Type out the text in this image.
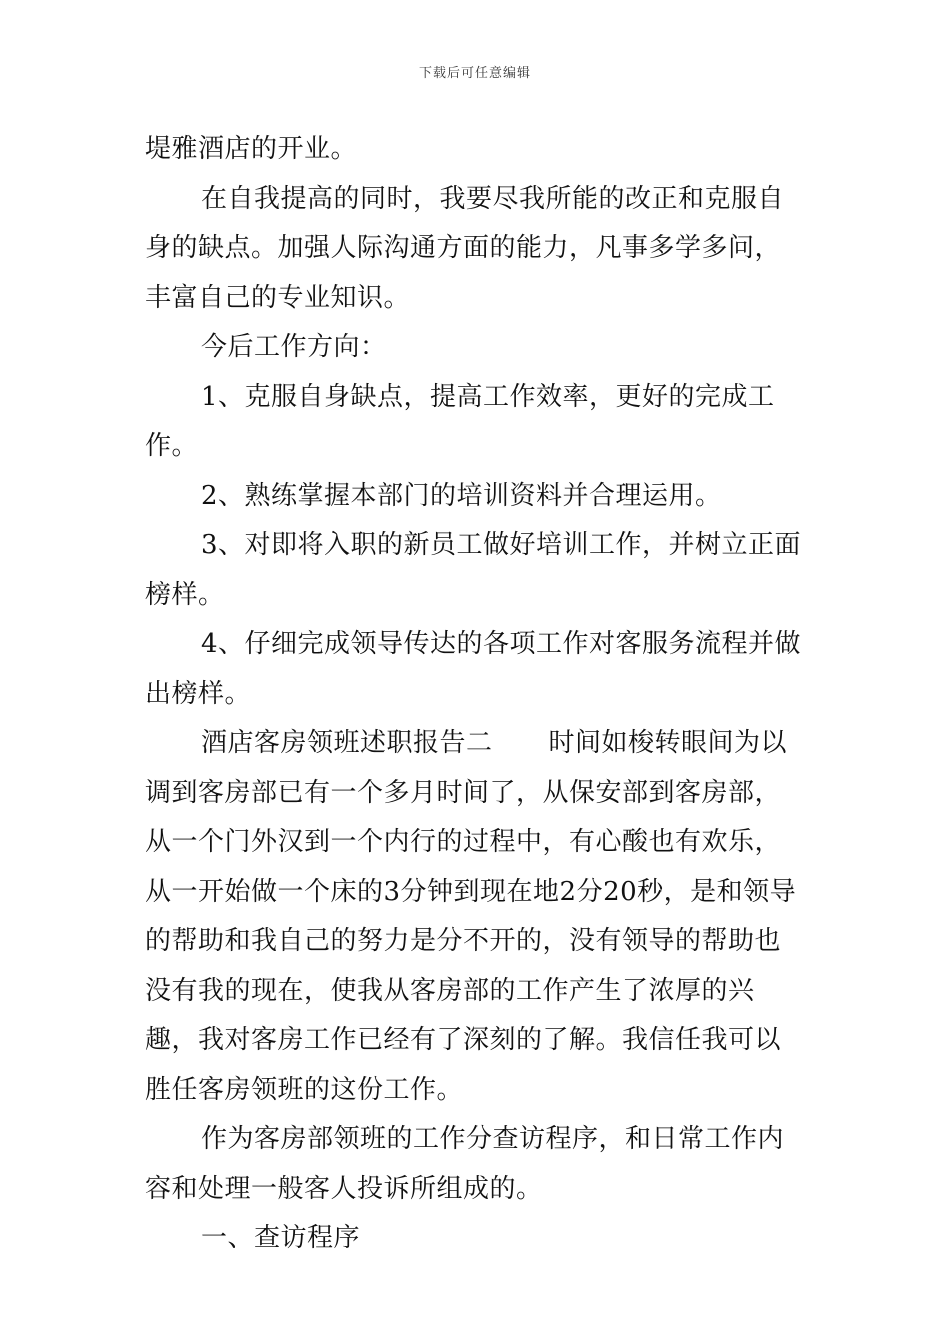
下载后可任意编辑

堤雅酒店的开业。

在自我提高的同时，我要尽我所能的改正和克服自身的缺点。加强人际沟通方面的能力，凡事多学多问，丰富自己的专业知识。

今后工作方向：

1、克服自身缺点，提高工作效率，更好的完成工作。

2、熟练掌握本部门的培训资料并合理运用。

3、对即将入职的新员工做好培训工作，并树立正面榜样。

4、仔细完成领导传达的各项工作对客服务流程并做出榜样。

酒店客房领班述职报告二 时间如梭转眼间为以调到客房部已有一个多月时间了，从保安部到客房部，从一个门外汉到一个内行的过程中，有心酸也有欢乐，从一开始做一个床的3分钟到现在地2分20秒，是和领导的帮助和我自己的努力是分不开的，没有领导的帮助也没有我的现在，使我从客房部的工作产生了浓厚的兴趣，我对客房工作已经有了深刻的了解。我信任我可以胜任客房领班的这份工作。

作为客房部领班的工作分查访程序，和日常工作内容和处理一般客人投诉所组成的。

一、查访程序
